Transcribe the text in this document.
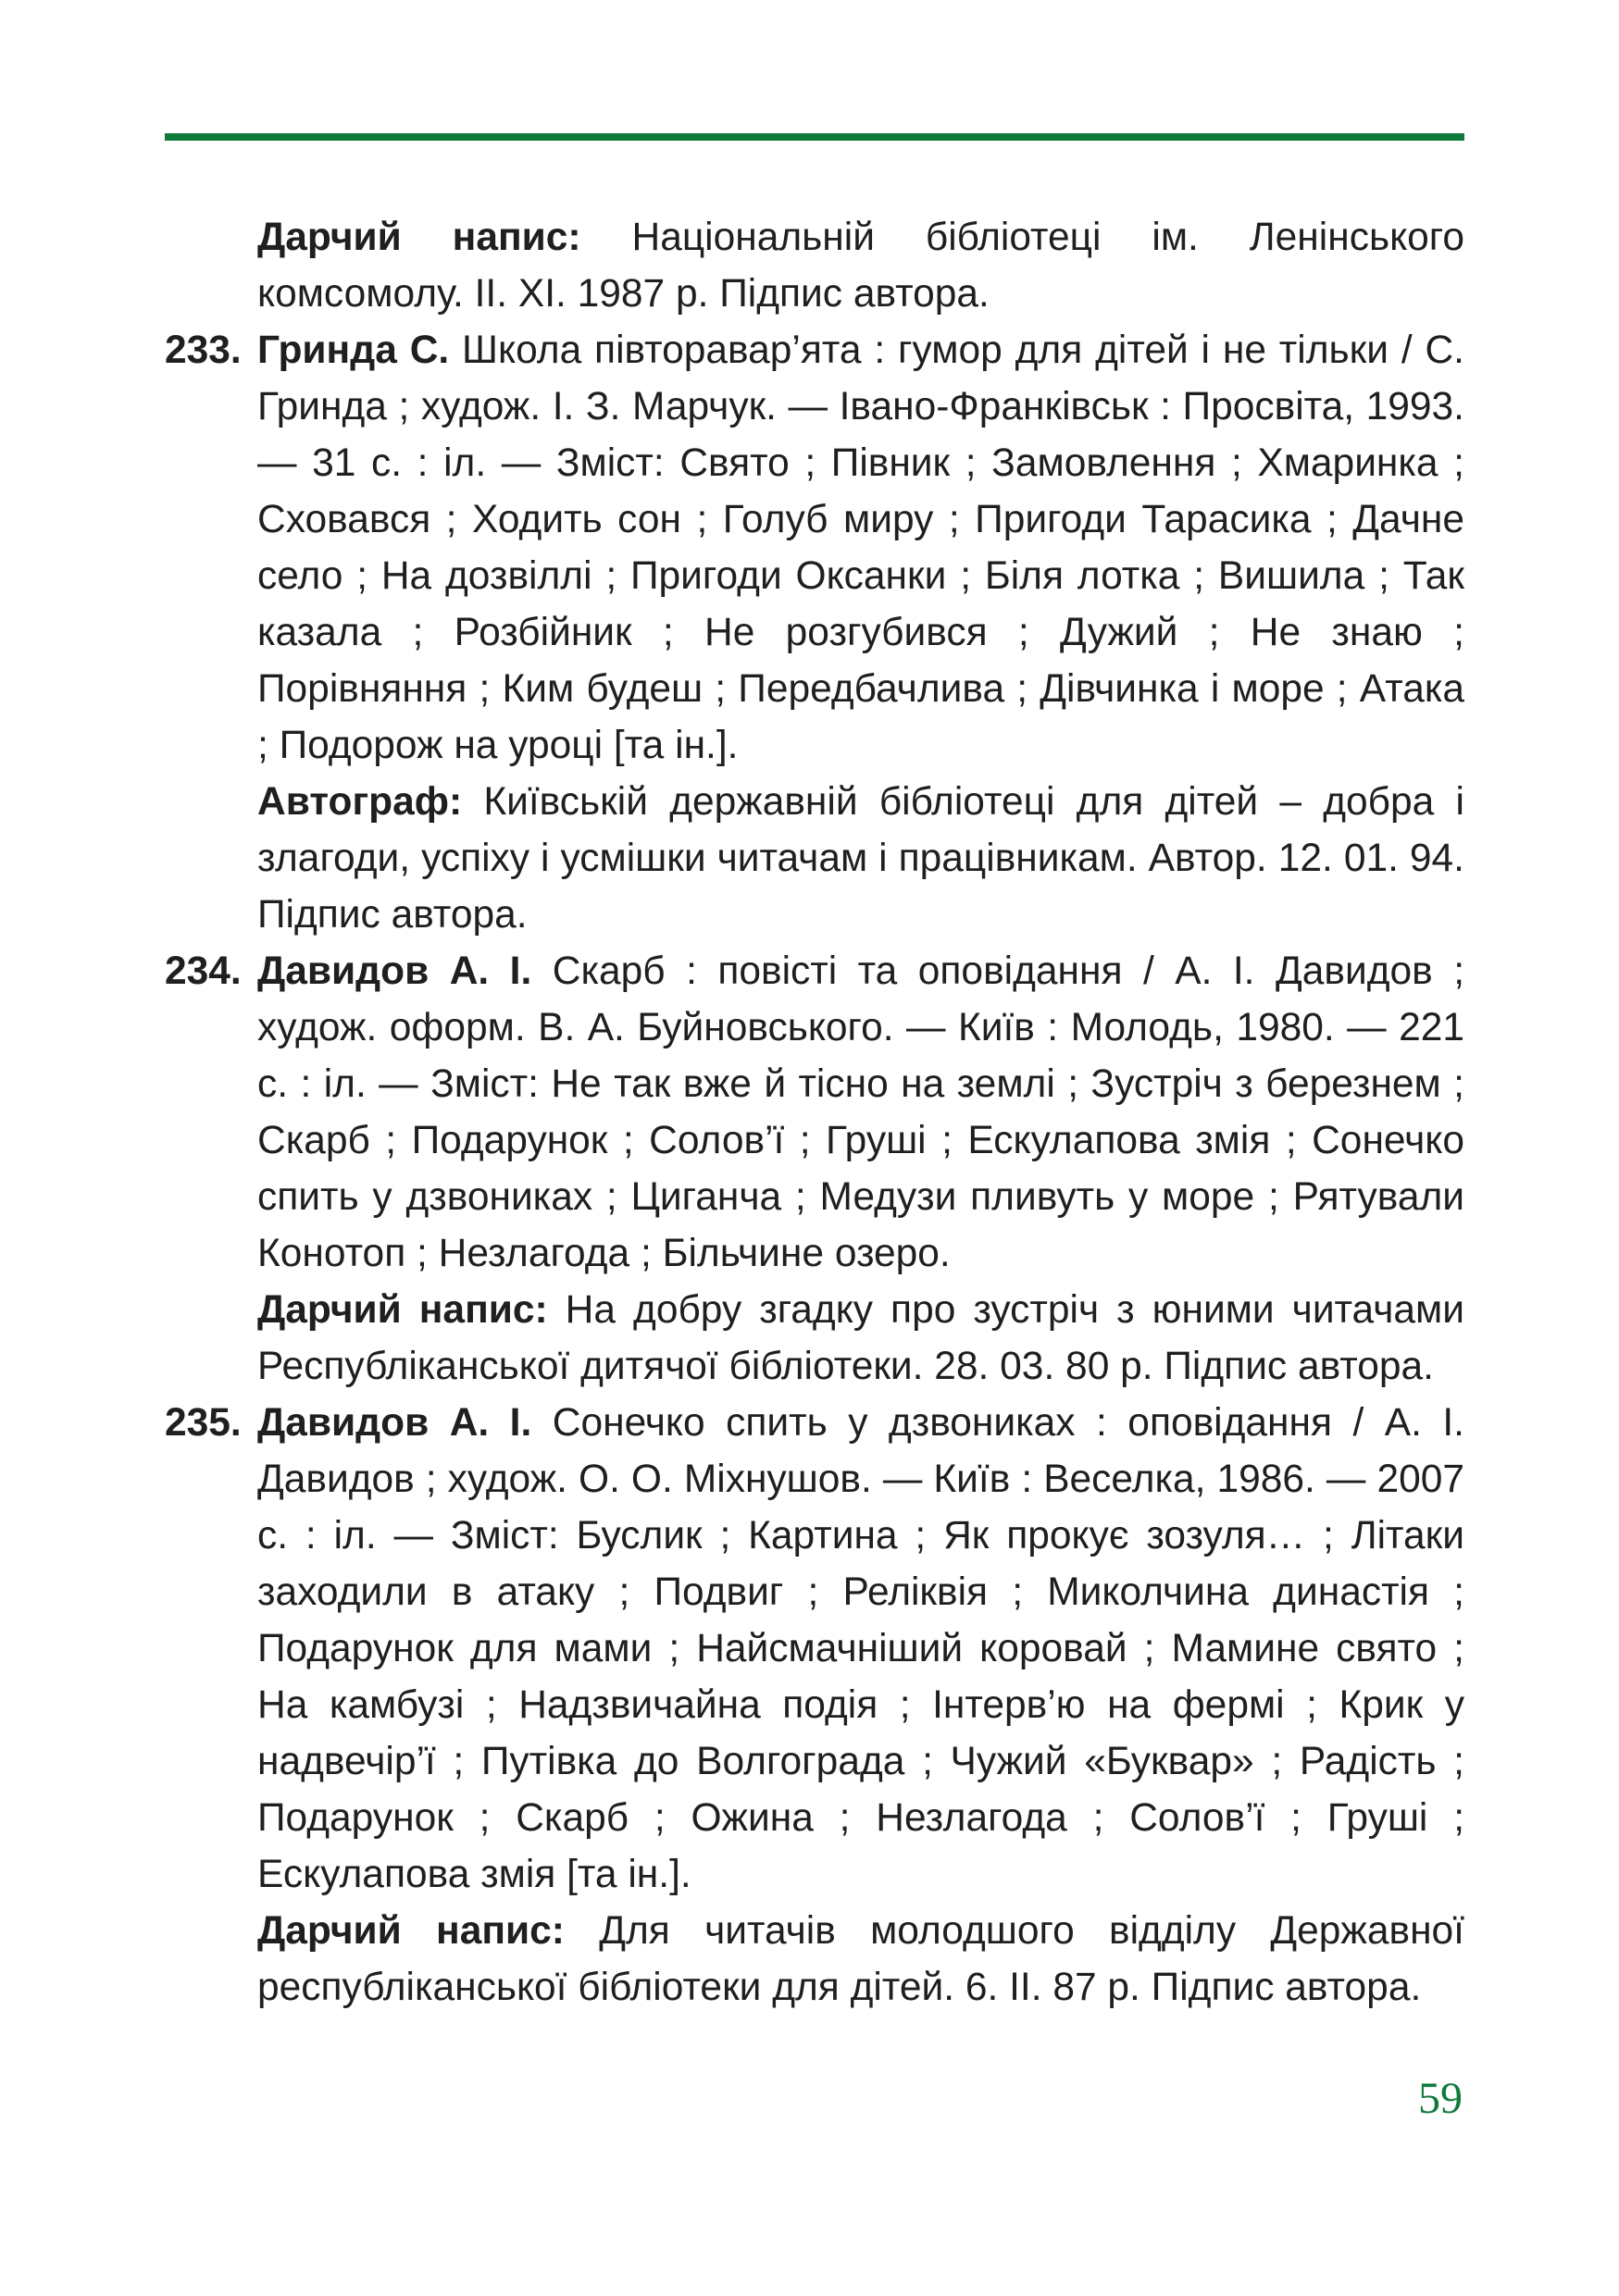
Дарчий напис: Національній бібліотеці ім. Ленінського комсомолу. ІІ. ХІ. 1987 р. Підпис автора.

233. Гринда С. Школа півторавар’ята : гумор для дітей і не тільки / С. Гринда ; худож. І. З. Марчук. — Івано-Франківськ : Просвіта, 1993. — 31 с. : іл. — Зміст: Свято ; Півник ; Замовлення ; Хмаринка ; Сховався ; Ходить сон ; Голуб миру ; Пригоди Тарасика ; Дачне село ; На дозвіллі ; Пригоди Оксанки ; Біля лотка ; Вишила ; Так казала ; Розбійник ; Не розгубився ; Дужий ; Не знаю ; Порівняння ; Ким будеш ; Передбачлива ; Дівчинка і море ; Атака ; Подорож на уроці [та ін.].

Автограф: Київській державній бібліотеці для дітей – добра і злагоди, успіху і усмішки читачам і працівникам. Автор. 12. 01. 94. Підпис автора.

234. Давидов А. І. Скарб : повісті та оповідання / А. І. Давидов ; худож. оформ. В. А. Буйновського. — Київ : Молодь, 1980. — 221 с. : іл. — Зміст: Не так вже й тісно на землі ; Зустріч з березнем ; Скарб ; Подарунок ; Солов’ї ; Груші ; Ескулапова змія ; Сонечко спить у дзвониках ; Циганча ; Медузи пливуть у море ; Рятували Конотоп ; Незлагода ; Більчине озеро.

Дарчий напис: На добру згадку про зустріч з юними читачами Республіканської дитячої бібліотеки. 28. 03. 80 р. Підпис автора.

235. Давидов А. І. Сонечко спить у дзвониках : оповідання / А. І. Давидов ; худож. О. О. Міхнушов. — Київ : Веселка, 1986. — 2007 с. : іл. — Зміст: Буслик ; Картина ; Як прокує зозуля… ; Літаки заходили в атаку ; Подвиг ; Реліквія ; Миколчина династія ; Подарунок для мами ; Найсмачніший коровай ; Мамине свято ; На камбузі ; Надзвичайна подія ; Інтерв’ю на фермі ; Крик у надвечір’ї ; Путівка до Волгограда ; Чужий «Буквар» ; Радість ; Подарунок ; Скарб ; Ожина ; Незлагода ; Солов’ї ; Груші ; Ескулапова змія [та ін.].

Дарчий напис: Для читачів молодшого відділу Державної республіканської бібліотеки для дітей. 6. ІІ. 87 р. Підпис автора.

59
